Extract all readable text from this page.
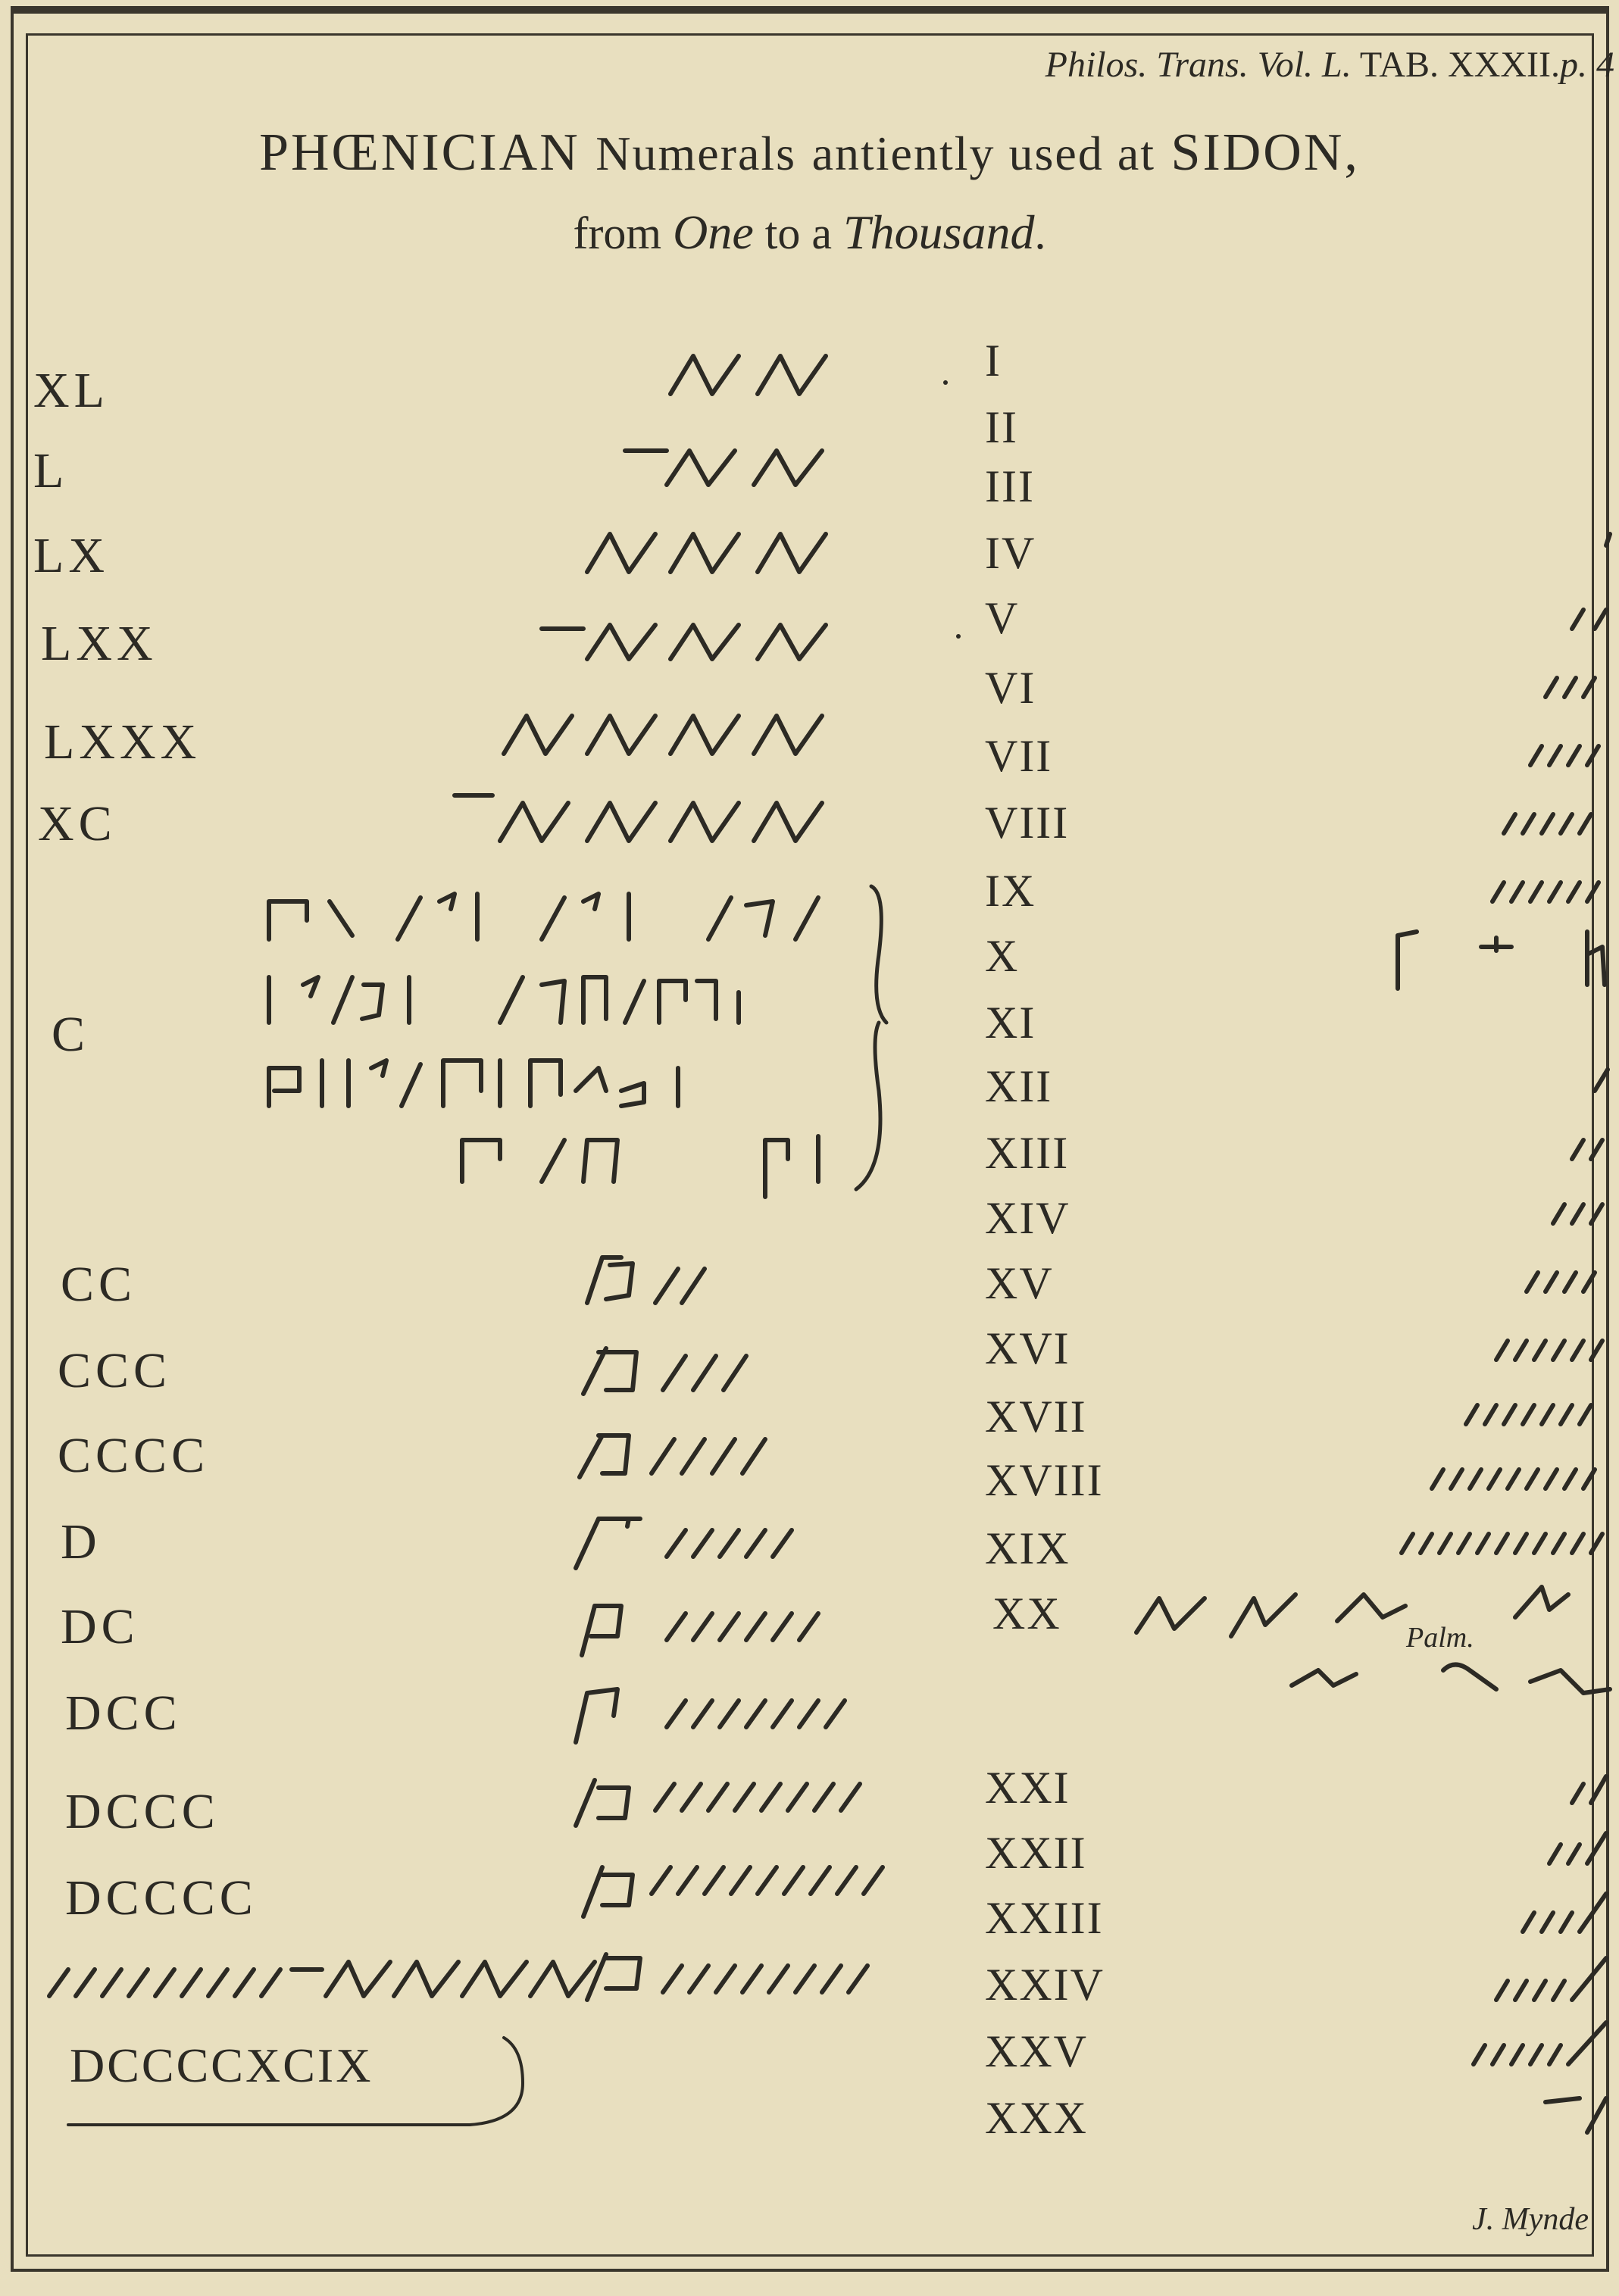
Philos. Trans. Vol. L. TAB. XXXII.p. 4
PHŒNICIAN Numerals antiently used at SIDON,
from One to a Thousand.
XL
L
LX
LXX
LXXX
XC
C
CC
CCC
CCCC
D
DC
DCC
DCCC
DCCCC
DCCCCXCIX
I
II
III
IV
V
VI
VII
VIII
IX
X
XI
XII
XIII
XIV
XV
XVI
XVII
XVIII
XIX
XX
XXI
XXII
XXIII
XXIV
XXV
XXX
Palm.
J. Mynde
